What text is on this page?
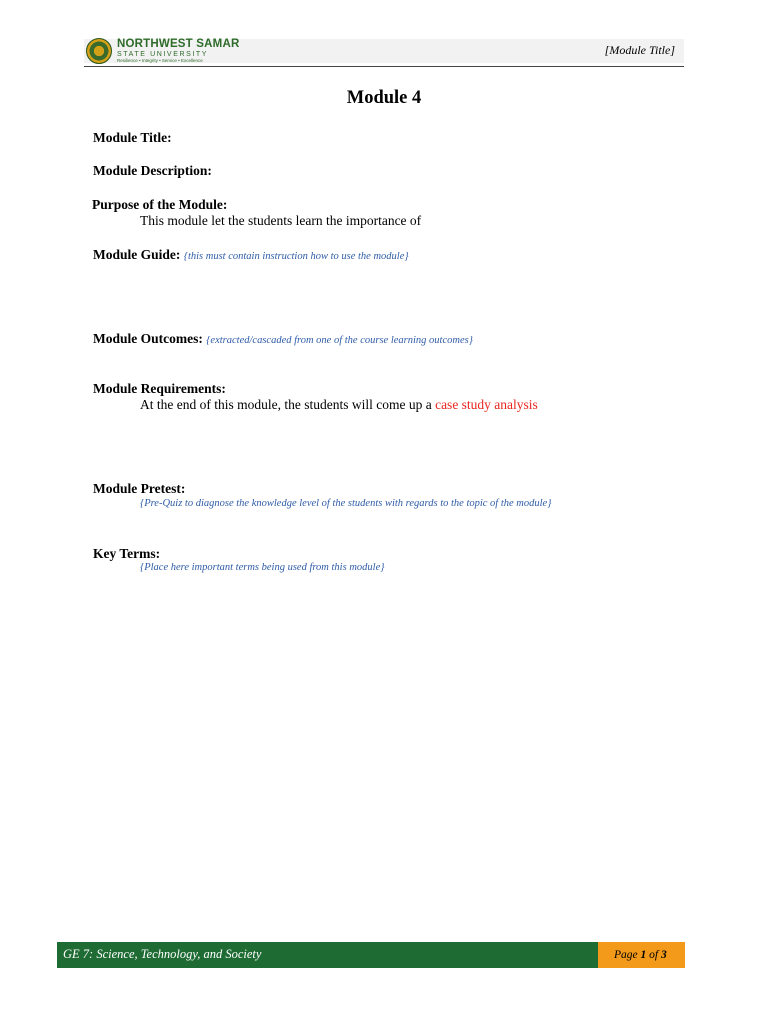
NORTHWEST SAMAR
STATE UNIVERSITY
Resilience • Integrity • Service • Excellence
[Module Title]
Module 4
Module Title:
Module Description:
Purpose of the Module:
This module let the students learn the importance of
Module Guide: {this must contain instruction how to use the module}
Module Outcomes: {extracted/cascaded from one of the course learning outcomes}
Module Requirements:
At the end of this module, the students will come up a case study analysis
Module Pretest:
{Pre-Quiz to diagnose the knowledge level of the students with regards to the topic of the module}
Key Terms:
{Place here important terms being used from this module}
GE 7: Science, Technology, and Society	Page 1 of 3
